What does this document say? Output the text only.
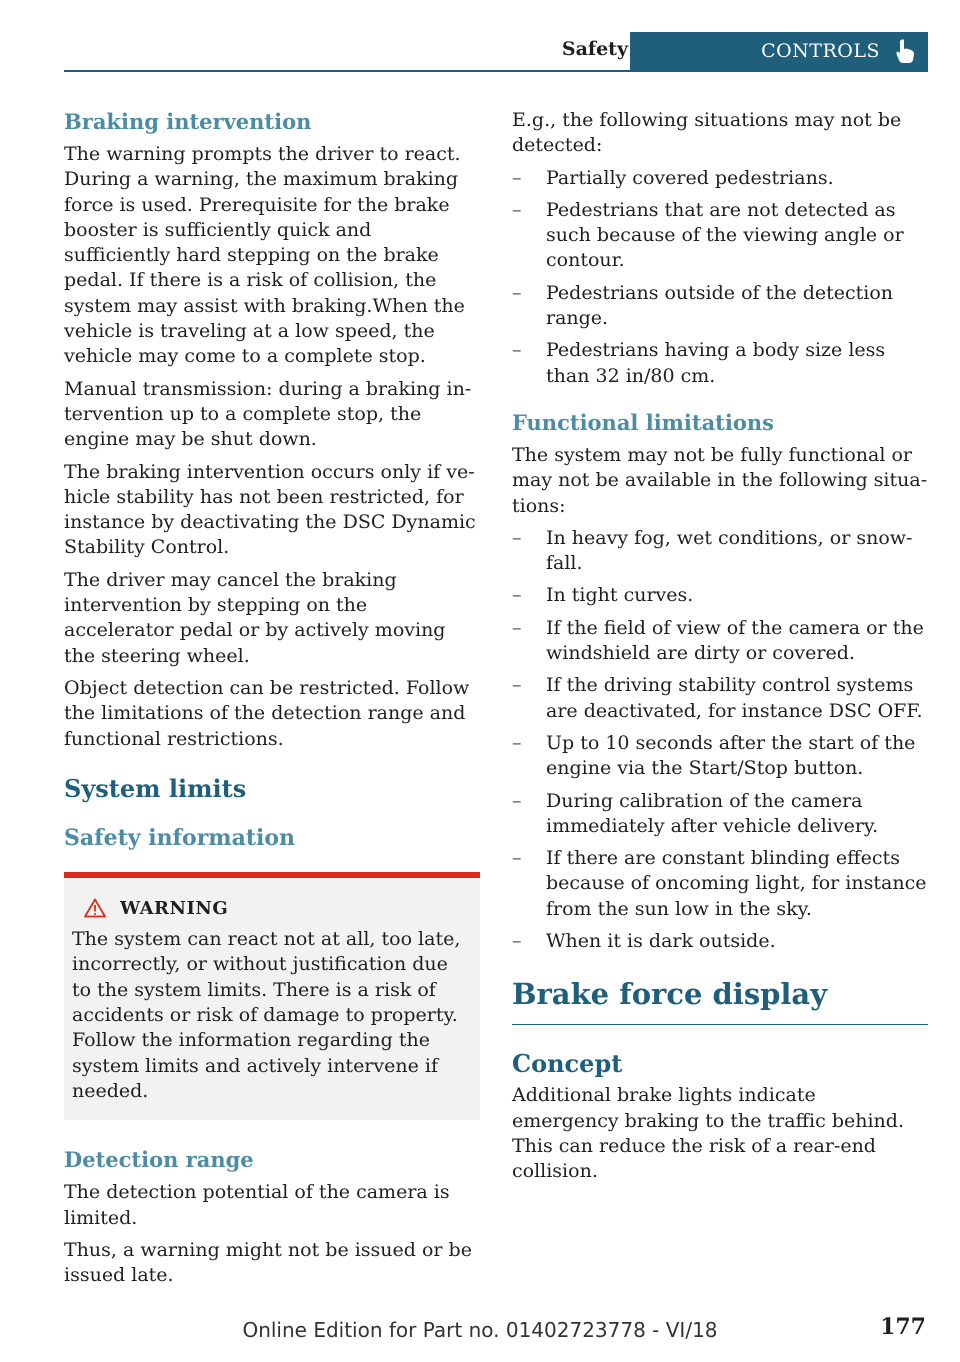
Safety	CONTROLS
Braking intervention

The warning prompts the driver to react. During a warning, the maximum braking force is used. Prerequisite for the brake booster is sufficiently quick and sufficiently hard stepping on the brake pedal. If there is a risk of collision, the system may assist with braking.When the vehicle is traveling at a low speed, the vehicle may come to a complete stop.

Manual transmission: during a braking intervention up to a complete stop, the engine may be shut down.

The braking intervention occurs only if vehicle stability has not been restricted, for instance by deactivating the DSC Dynamic Stability Control.

The driver may cancel the braking intervention by stepping on the accelerator pedal or by actively moving the steering wheel.

Object detection can be restricted. Follow the limitations of the detection range and functional restrictions.

System limits
Safety information
WARNING

The system can react not at all, too late, incorrectly, or without justification due to the system limits. There is a risk of accidents or risk of damage to property. Follow the information regarding the system limits and actively intervene if needed.

Detection range

The detection potential of the camera is limited.

Thus, a warning might not be issued or be issued late.

E.g., the following situations may not be detected:

– Partially covered pedestrians.
– Pedestrians that are not detected as such because of the viewing angle or contour.
– Pedestrians outside of the detection range.
– Pedestrians having a body size less than 32 in/80 cm.
Functional limitations

The system may not be fully functional or may not be available in the following situations:

– In heavy fog, wet conditions, or snowfall.
– In tight curves.
– If the field of view of the camera or the windshield are dirty or covered.
– If the driving stability control systems are deactivated, for instance DSC OFF.
– Up to 10 seconds after the start of the engine via the Start/Stop button.
– During calibration of the camera immediately after vehicle delivery.
– If there are constant blinding effects because of oncoming light, for instance from the sun low in the sky.
– When it is dark outside.
Brake force display
Concept

Additional brake lights indicate emergency braking to the traffic behind. This can reduce the risk of a rear-end collision.

177
Online Edition for Part no. 01402723778 - VI/18
